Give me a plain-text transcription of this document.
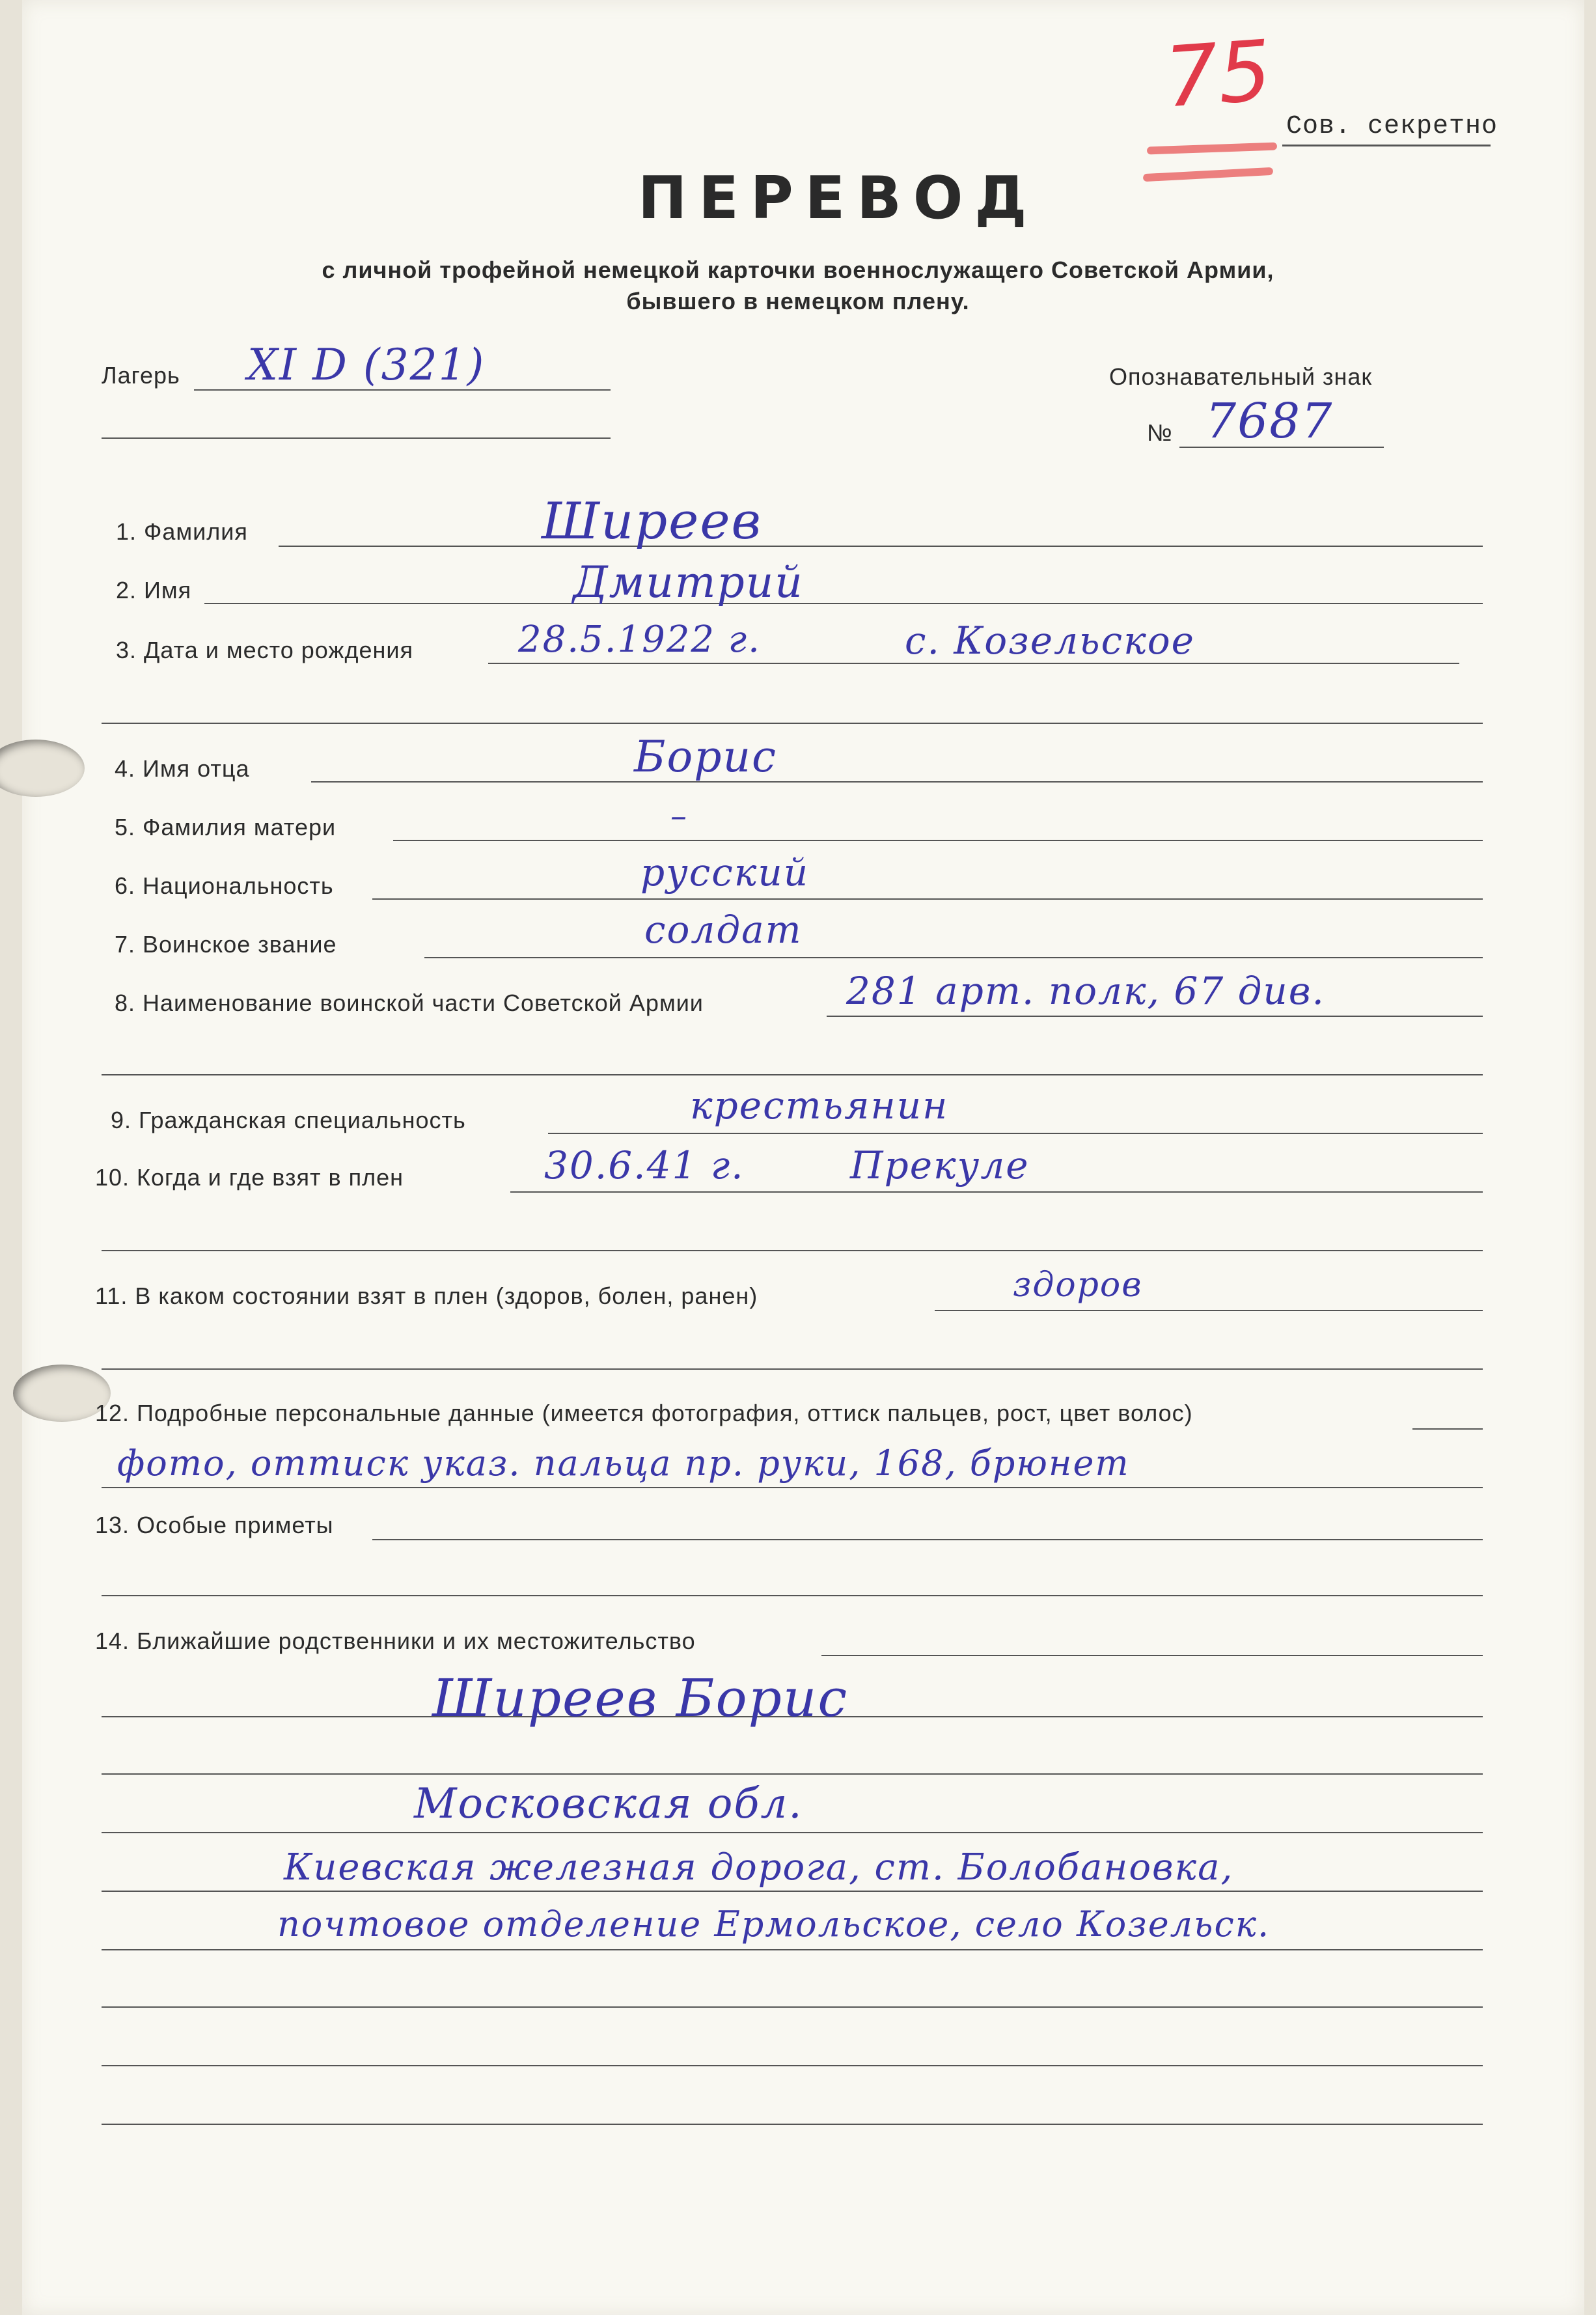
75
Сов. секретно
ПЕРЕВОД
с личной трофейной немецкой карточки военнослужащего Советской Армии,
бывшего в немецком плену.
Лагерь XI D (321)	Опознавательный знак
№ 7687
1. Фамилия	Ширеев
2. Имя	Дмитрий
3. Дата и место рождения	28.5.1922 г.	с. Козельское
4. Имя отца	Борис
5. Фамилия матери	–
6. Национальность	русский
7. Воинское звание	солдат
8. Наименование воинской части Советской Армии	281 арт. полк, 67 див.
9. Гражданская специальность	крестьянин
10. Когда и где взят в плен	30.6.41 г.	Прекуле
11. В каком состоянии взят в плен (здоров, болен, ранен)	здоров
12. Подробные персональные данные (имеется фотография, оттиск пальцев, рост, цвет волос)
фото, оттиск указ. пальца пр. руки, 168, брюнет
13. Особые приметы
14. Ближайшие родственники и их местожительство
Ширеев Борис
Московская обл.
Киевская железная дорога, ст. Болобановка,
почтовое отделение Ермольское, село Козельск.
